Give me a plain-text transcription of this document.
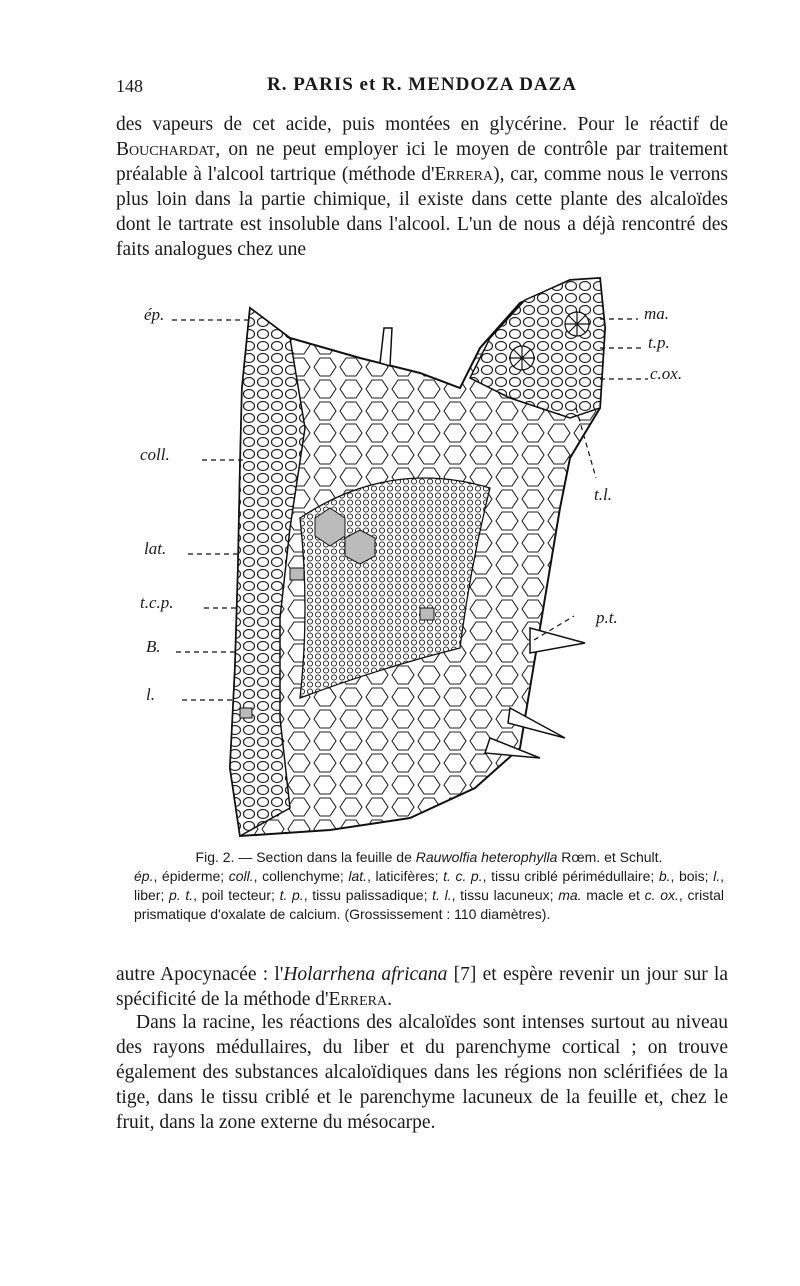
148	R. PARIS et R. MENDOZA DAZA

des vapeurs de cet acide, puis montées en glycérine. Pour le réactif de Bouchardat, on ne peut employer ici le moyen de contrôle par traitement préalable à l'alcool tartrique (méthode d'Errera), car, comme nous le verrons plus loin dans la partie chimique, il existe dans cette plante des alcaloïdes dont le tartrate est insoluble dans l'alcool. L'un de nous a déjà rencontré des faits analogues chez une

ép.
coll.
lat.
t.c.p.
B.
l.
ma.
t.p.
c.ox.
t.l.
p.t.
Fig. 2. — Section dans la feuille de Rauwolfia heterophylla Rœm. et Schult.
ép., épiderme; coll., collenchyme; lat., laticifères; t. c. p., tissu criblé périmédullaire; b., bois; l., liber; p. t., poil tecteur; t. p., tissu palissadique; t. l., tissu lacuneux; ma. macle et c. ox., cristal prismatique d'oxalate de calcium. (Grossissement : 110 diamètres).

autre Apocynacée : l'Holarrhena africana [7] et espère revenir un jour sur la spécificité de la méthode d'Errera.

Dans la racine, les réactions des alcaloïdes sont intenses surtout au niveau des rayons médullaires, du liber et du parenchyme cortical ; on trouve également des substances alcaloïdiques dans les régions non sclérifiées de la tige, dans le tissu criblé et le parenchyme lacuneux de la feuille et, chez le fruit, dans la zone externe du mésocarpe.
